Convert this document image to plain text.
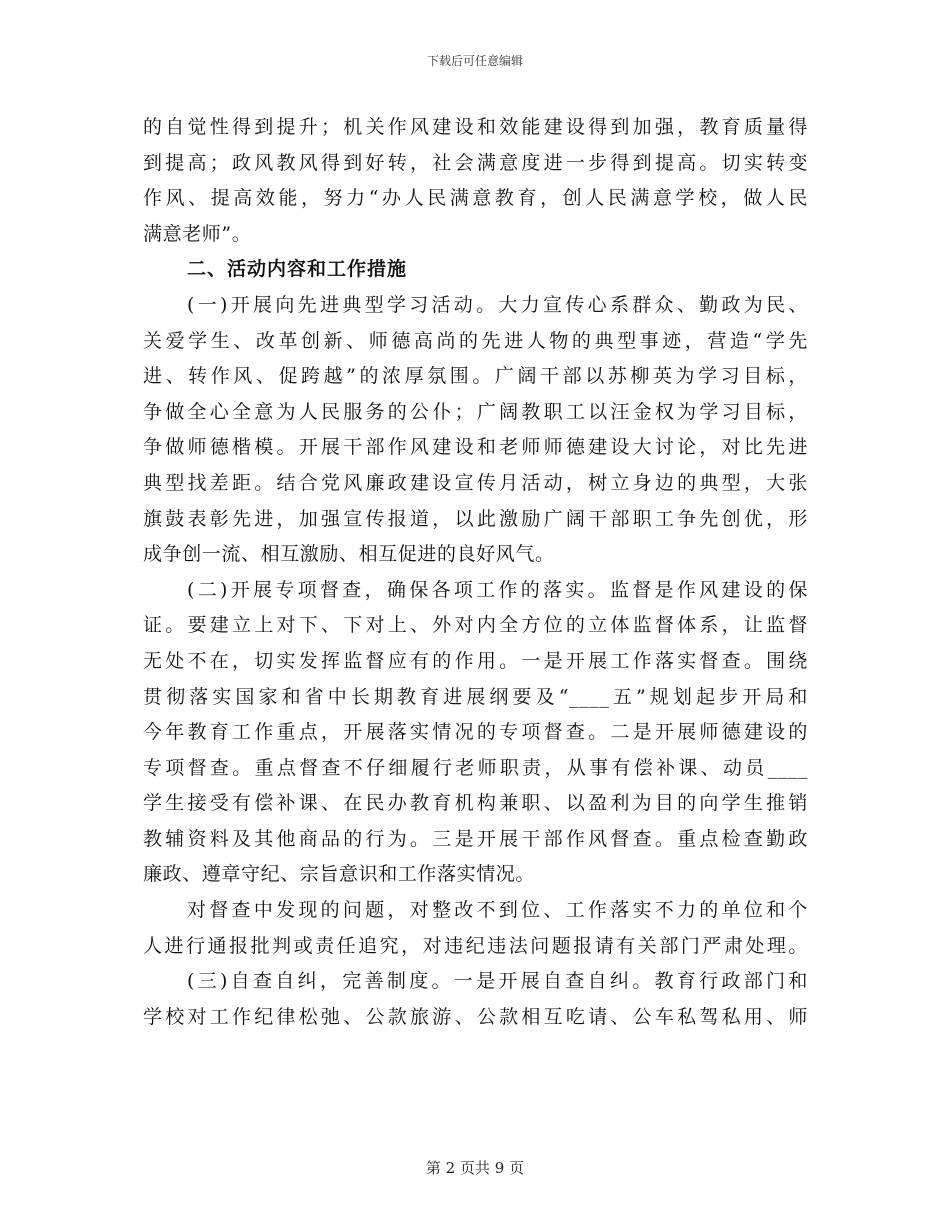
下载后可任意编辑
的自觉性得到提升；机关作风建设和效能建设得到加强，教育质量得
到提高；政风教风得到好转，社会满意度进一步得到提高。切实转变
作风、提高效能，努力“办人民满意教育，创人民满意学校，做人民
满意老师”。
二、活动内容和工作措施
(一)开展向先进典型学习活动。大力宣传心系群众、勤政为民、
关爱学生、改革创新、师德高尚的先进人物的典型事迹，营造“学先
进、转作风、促跨越”的浓厚氛围。广阔干部以苏柳英为学习目标，
争做全心全意为人民服务的公仆；广阔教职工以汪金权为学习目标，
争做师德楷模。开展干部作风建设和老师师德建设大讨论，对比先进
典型找差距。结合党风廉政建设宣传月活动，树立身边的典型，大张
旗鼓表彰先进，加强宣传报道，以此激励广阔干部职工争先创优，形
成争创一流、相互激励、相互促进的良好风气。
(二)开展专项督查，确保各项工作的落实。监督是作风建设的保
证。要建立上对下、下对上、外对内全方位的立体监督体系，让监督
无处不在，切实发挥监督应有的作用。一是开展工作落实督查。围绕
贯彻落实国家和省中长期教育进展纲要及“____五”规划起步开局和
今年教育工作重点，开展落实情况的专项督查。二是开展师德建设的
专项督查。重点督查不仔细履行老师职责，从事有偿补课、动员____
学生接受有偿补课、在民办教育机构兼职、以盈利为目的向学生推销
教辅资料及其他商品的行为。三是开展干部作风督查。重点检查勤政
廉政、遵章守纪、宗旨意识和工作落实情况。
对督查中发现的问题，对整改不到位、工作落实不力的单位和个
人进行通报批判或责任追究，对违纪违法问题报请有关部门严肃处理。
(三)自查自纠，完善制度。一是开展自查自纠。教育行政部门和
学校对工作纪律松弛、公款旅游、公款相互吃请、公车私驾私用、师
第 2 页共 9 页
